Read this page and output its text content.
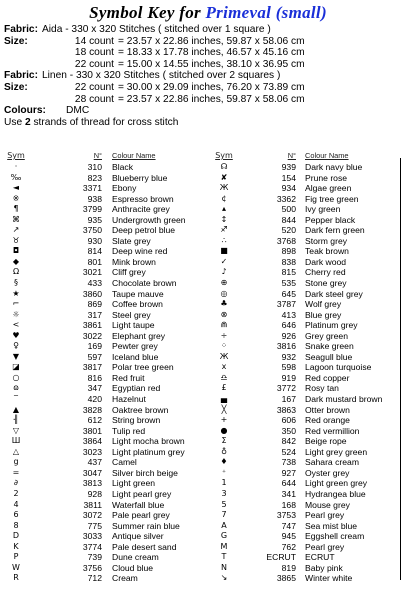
Symbol Key for Primeval (small)
Fabric: Aida - 330 x 320 Stitches ( stitched over 1 square )
Size:	14 count = 23.57 x 22.86 inches, 59.87 x 58.06 cm
18 count = 18.33 x 17.78 inches, 46.57 x 45.16 cm
22 count = 15.00 x 14.55 inches, 38.10 x 36.95 cm
Fabric: Linen - 330 x 320 Stitches ( stitched over 2 squares )
Size:	22 count = 30.00 x 29.09 inches, 76.20 x 73.89 cm
28 count = 23.57 x 22.86 inches, 59.87 x 58.06 cm
Colours:	DMC
Use 2 strands of thread for cross stitch
Sym	N°	Colour Name
·	310	Black
‰	823	Blueberry blue
◄	3371	Ebony
※	938	Espresso brown
¶	3799	Anthracite grey
⌘	935	Undergrowth green
↗	3750	Deep petrol blue
♉	930	Slate grey
◘	814	Deep wine red
◆	801	Mink brown
Ω	3021	Cliff grey
§	433	Chocolate brown
★	3860	Taupe mauve
⌐	869	Coffee brown
☼	317	Steel grey
<	3861	Light taupe
♥	3022	Elephant grey
♀	169	Pewter grey
▼	597	Iceland blue
◪	3817	Polar tree green
○	816	Red fruit
ɷ	347	Egyptian red
‾	420	Hazelnut
▲	3828	Oaktree brown
╢	612	String brown
▽	3801	Tulip red
Ш	3864	Light mocha brown
△	3023	Light platinum grey
g	437	Camel
=	3047	Silver birch beige
∂	3813	Light green
2	928	Light pearl grey
4	3811	Waterfall blue
6	3072	Pale pearl grey
8	775	Summer rain blue
D	3033	Antique silver
K	3774	Pale desert sand
P	739	Dune cream
W	3756	Cloud blue
R	712	Cream
Sym	N°	Colour Name
☊	939	Dark navy blue
✘	154	Prune rose
Ж	934	Algae green
¢	3362	Fig tree green
▴	500	Ivy green
↕	844	Pepper black
♐	520	Dark fern green
∴	3768	Storm grey
■	898	Teak brown
✓	838	Dark wood
♪	815	Cherry red
⊕	535	Stone grey
◎	645	Dark steel grey
♣	3787	Wolf grey
⊗	413	Blue grey
⋒	646	Platinum grey
÷	926	Grey green
⁘	3816	Snake green
Ж	932	Seagull blue
x	598	Lagoon turquoise
♎	919	Red copper
£	3772	Rosy tan
▄	167	Dark mustard brown
╳	3863	Otter brown
+	606	Red orange
●	350	Red vermillion
Σ	842	Beige rope
♁	524	Light grey green
♦	738	Sahara cream
⁺	927	Oyster grey
1	644	Light green grey
3	341	Hydrangea blue
5	168	Mouse grey
7	3753	Pearl grey
A	747	Sea mist blue
G	945	Eggshell cream
M	762	Pearl grey
T	ECRUT	ECRUT
N	819	Baby pink
↘	3865	Winter white
